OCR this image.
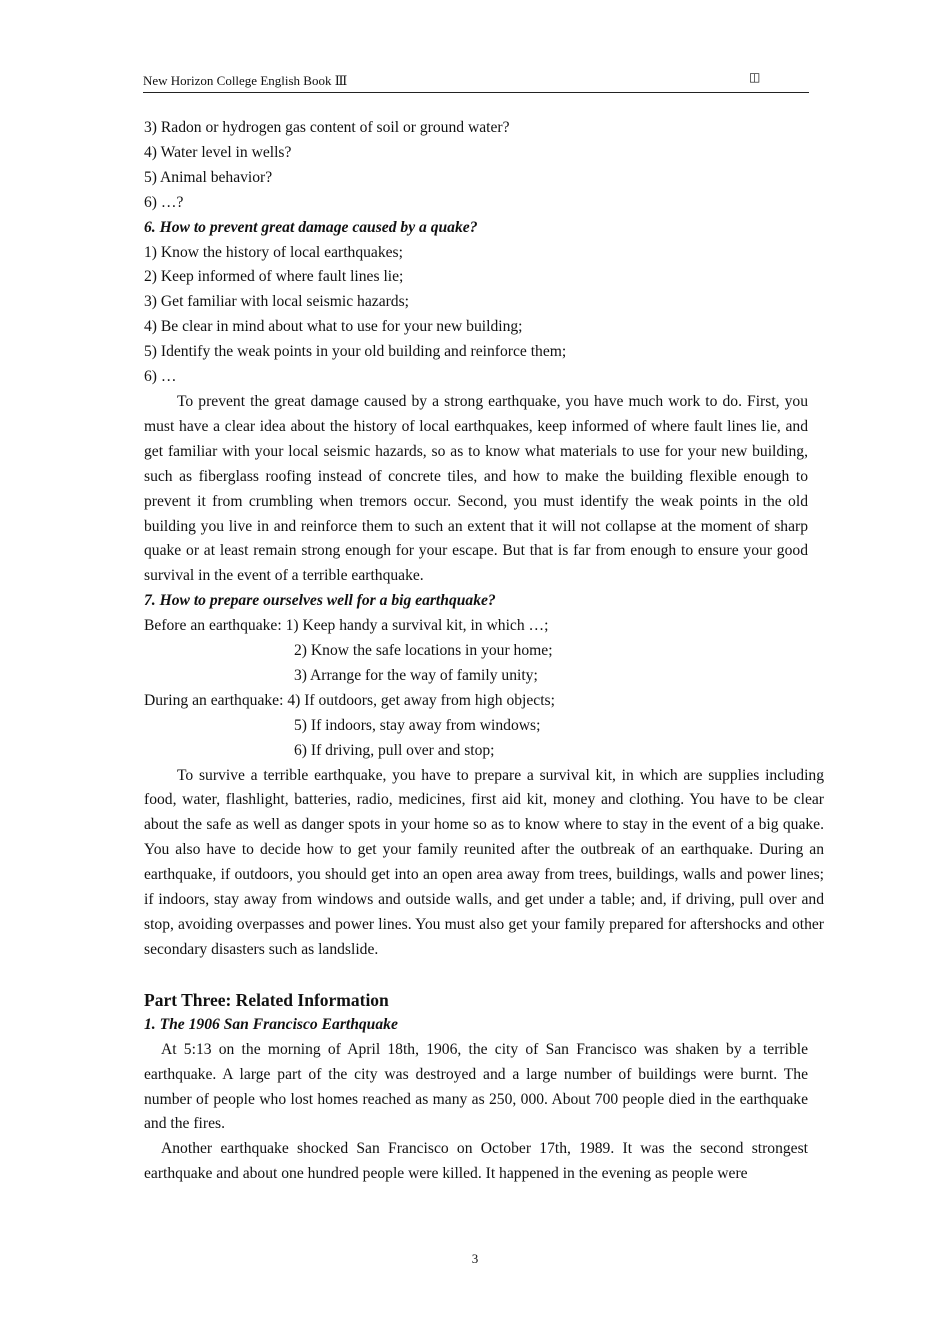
New Horizon College English Book Ⅲ	◫
3) Radon or hydrogen gas content of soil or ground water?
4) Water level in wells?
5) Animal behavior?
6) …?
6. How to prevent great damage caused by a quake?
1) Know the history of local earthquakes;
2) Keep informed of where fault lines lie;
3) Get familiar with local seismic hazards;
4) Be clear in mind about what to use for your new building;
5) Identify the weak points in your old building and reinforce them;
6) …
To prevent the great damage caused by a strong earthquake, you have much work to do. First, you must have a clear idea about the history of local earthquakes, keep informed of where fault lines lie, and get familiar with your local seismic hazards, so as to know what materials to use for your new building, such as fiberglass roofing instead of concrete tiles, and how to make the building flexible enough to prevent it from crumbling when tremors occur. Second, you must identify the weak points in the old building you live in and reinforce them to such an extent that it will not collapse at the moment of sharp quake or at least remain strong enough for your escape. But that is far from enough to ensure your good survival in the event of a terrible earthquake.
7. How to prepare ourselves well for a big earthquake?
Before an earthquake: 1) Keep handy a survival kit, in which …;
2) Know the safe locations in your home;
3) Arrange for the way of family unity;
During an earthquake: 4) If outdoors, get away from high objects;
5) If indoors, stay away from windows;
6) If driving, pull over and stop;
To survive a terrible earthquake, you have to prepare a survival kit, in which are supplies including food, water, flashlight, batteries, radio, medicines, first aid kit, money and clothing. You have to be clear about the safe as well as danger spots in your home so as to know where to stay in the event of a big quake. You also have to decide how to get your family reunited after the outbreak of an earthquake. During an earthquake, if outdoors, you should get into an open area away from trees, buildings, walls and power lines; if indoors, stay away from windows and outside walls, and get under a table; and, if driving, pull over and stop, avoiding overpasses and power lines. You must also get your family prepared for aftershocks and other secondary disasters such as landslide.
Part Three: Related Information
1. The 1906 San Francisco Earthquake
At 5:13 on the morning of April 18th, 1906, the city of San Francisco was shaken by a terrible earthquake. A large part of the city was destroyed and a large number of buildings were burnt. The number of people who lost homes reached as many as 250, 000. About 700 people died in the earthquake and the fires.
Another earthquake shocked San Francisco on October 17th, 1989. It was the second strongest earthquake and about one hundred people were killed. It happened in the evening as people were
3
